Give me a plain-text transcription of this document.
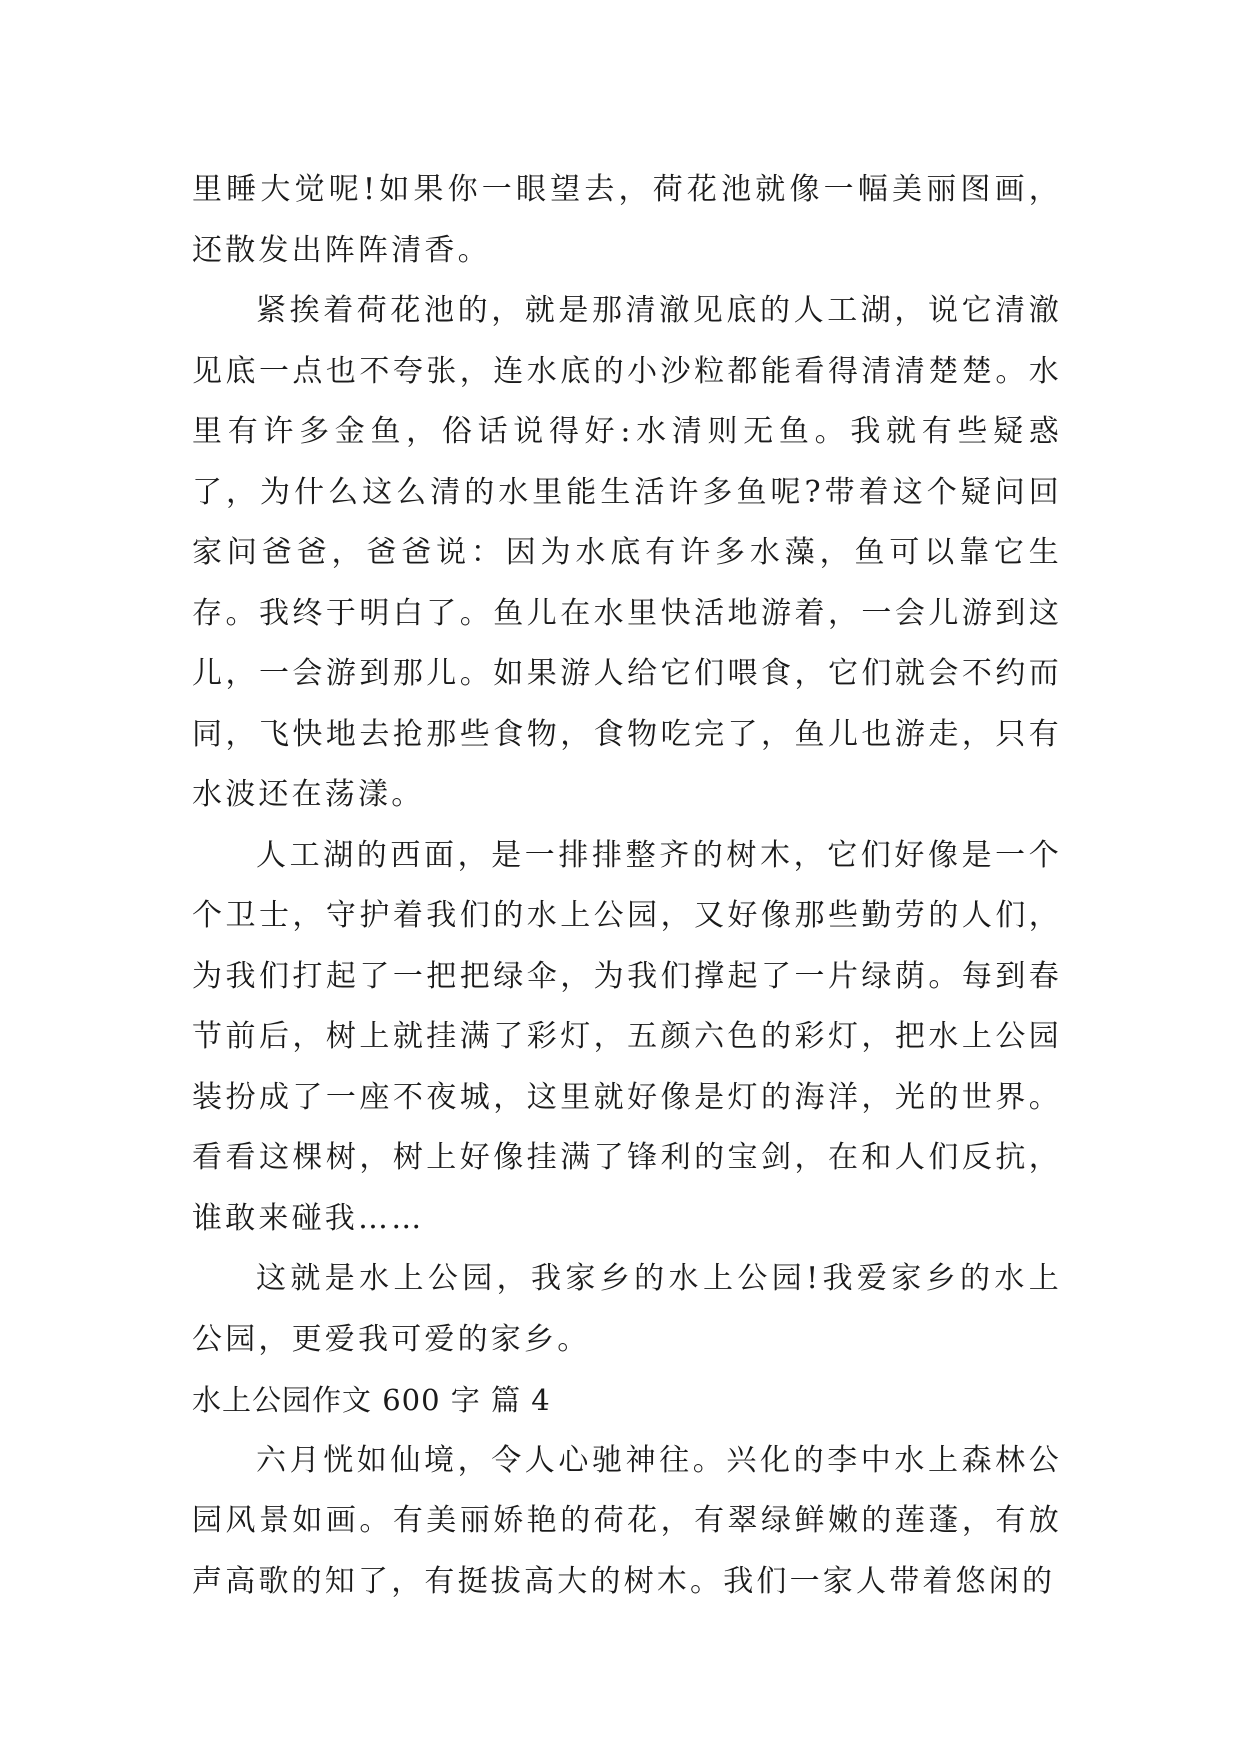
里睡大觉呢!如果你一眼望去，荷花池就像一幅美丽图画，还散发出阵阵清香。

紧挨着荷花池的，就是那清澈见底的人工湖，说它清澈见底一点也不夸张，连水底的小沙粒都能看得清清楚楚。水里有许多金鱼，俗话说得好:水清则无鱼。我就有些疑惑了，为什么这么清的水里能生活许多鱼呢?带着这个疑问回家问爸爸，爸爸说：因为水底有许多水藻，鱼可以靠它生存。我终于明白了。鱼儿在水里快活地游着，一会儿游到这儿，一会游到那儿。如果游人给它们喂食，它们就会不约而同，飞快地去抢那些食物，食物吃完了，鱼儿也游走，只有水波还在荡漾。

人工湖的西面，是一排排整齐的树木，它们好像是一个个卫士，守护着我们的水上公园，又好像那些勤劳的人们，为我们打起了一把把绿伞，为我们撑起了一片绿荫。每到春节前后，树上就挂满了彩灯，五颜六色的彩灯，把水上公园装扮成了一座不夜城，这里就好像是灯的海洋，光的世界。看看这棵树，树上好像挂满了锋利的宝剑，在和人们反抗，谁敢来碰我……

这就是水上公园，我家乡的水上公园!我爱家乡的水上公园，更爱我可爱的家乡。

水上公园作文 600 字 篇 4

六月恍如仙境，令人心驰神往。兴化的李中水上森林公园风景如画。有美丽娇艳的荷花，有翠绿鲜嫩的莲蓬，有放声高歌的知了，有挺拔高大的树木。我们一家人带着悠闲的
